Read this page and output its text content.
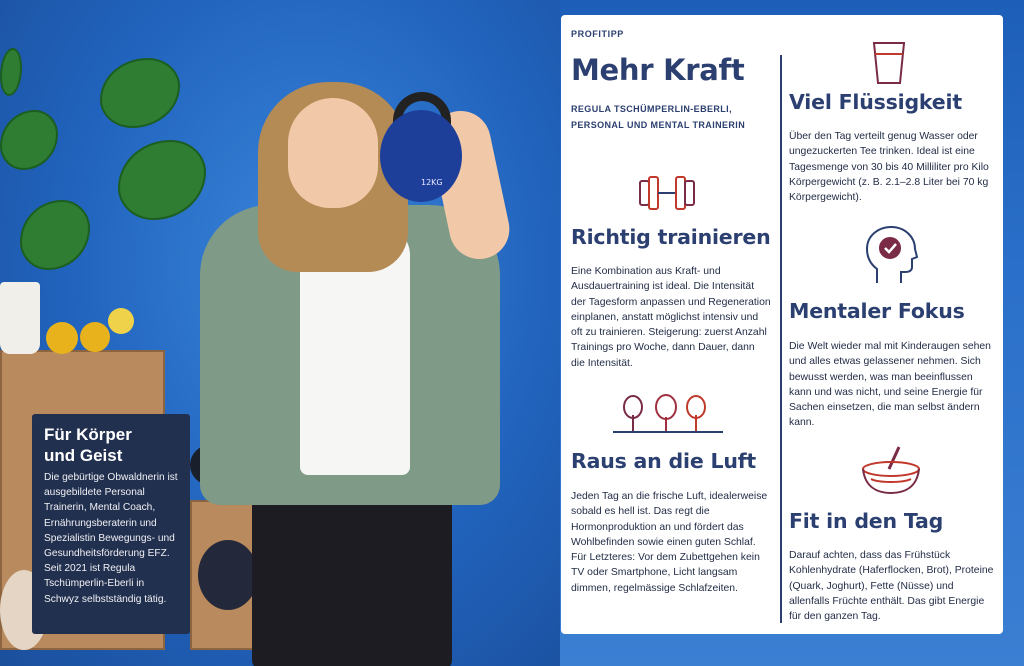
12KG
Für Körper
und Geist

Die gebürtige Obwaldnerin ist ausgebildete Personal Trainerin, Mental Coach, Ernährungsberaterin und Spezialistin Bewegungs- und Gesundheitsförderung EFZ. Seit 2021 ist Regula Tschümperlin-Eberli in Schwyz selbstständig tätig.

PROFITIPP
Mehr Kraft
REGULA TSCHÜMPERLIN-EBERLI,
PERSONAL UND MENTAL TRAINERIN
Richtig trainieren
Eine Kombination aus Kraft- und Ausdauertraining ist ideal. Die Intensität der Tagesform anpassen und Regeneration einplanen, anstatt möglichst intensiv und oft zu trainieren. Steigerung: zuerst Anzahl Trainings pro Woche, dann Dauer, dann die Intensität.
Raus an die Luft
Jeden Tag an die frische Luft, idealerweise sobald es hell ist. Das regt die Hormonproduktion an und fördert das Wohlbefinden sowie einen guten Schlaf. Für Letzteres: Vor dem Zubettgehen kein TV oder Smartphone, Licht langsam dimmen, regelmässige Schlafzeiten.
Viel Flüssigkeit
Über den Tag verteilt genug Wasser oder ungezuckerten Tee trinken. Ideal ist eine Tagesmenge von 30 bis 40 Milliliter pro Kilo Körpergewicht (z. B. 2.1–2.8 Liter bei 70 kg Körpergewicht).
Mentaler Fokus
Die Welt wieder mal mit Kinderaugen sehen und alles etwas gelassener nehmen. Sich bewusst werden, was man beeinflussen kann und was nicht, und seine Energie für Sachen einsetzen, die man selbst ändern kann.
Fit in den Tag
Darauf achten, dass das Frühstück Kohlenhydrate (Haferflocken, Brot), Proteine (Quark, Joghurt), Fette (Nüsse) und allenfalls Früchte enthält. Das gibt Energie für den ganzen Tag.
